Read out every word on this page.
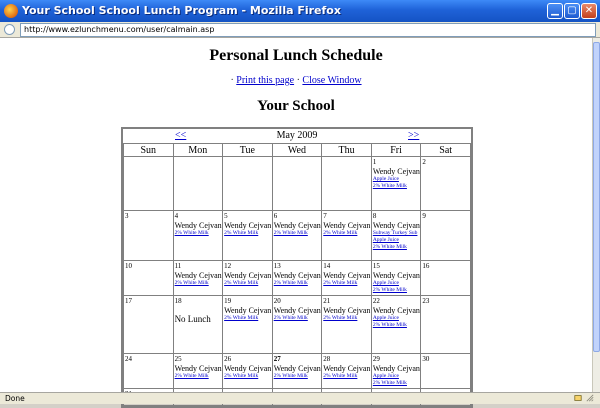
Your School School Lunch Program - Mozilla Firefox	▁ ▢ ✕
http://www.ezlunchmenu.com/user/calmain.asp
Personal Lunch Schedule
· Print this page · Close Window
Your School
May 2009
<<	>>
Sun	Mon	Tue	Wed	Thu	Fri	Sat

					1
Wendy Cejvan
Apple Juice
2% White Milk	2

3	4
Wendy Cejvan
2% White Milk	5
Wendy Cejvan
2% White Milk	6
Wendy Cejvan
2% White Milk	7
Wendy Cejvan
2% White Milk	8
Wendy Cejvan
Subway Turkey Sub
Apple Juice
2% White Milk	9

10	11
Wendy Cejvan
2% White Milk	12
Wendy Cejvan
2% White Milk	13
Wendy Cejvan
2% White Milk	14
Wendy Cejvan
2% White Milk	15
Wendy Cejvan
Apple Juice
2% White Milk	16

17	18
No Lunch	19
Wendy Cejvan
2% White Milk	20
Wendy Cejvan
2% White Milk	21
Wendy Cejvan
2% White Milk	22
Wendy Cejvan
Apple Juice
2% White Milk	23

24	25
Wendy Cejvan
2% White Milk	26
Wendy Cejvan
2% White Milk	27
Wendy Cejvan
2% White Milk	28
Wendy Cejvan
2% White Milk	29
Wendy Cejvan
Apple Juice
2% White Milk	30

Done
